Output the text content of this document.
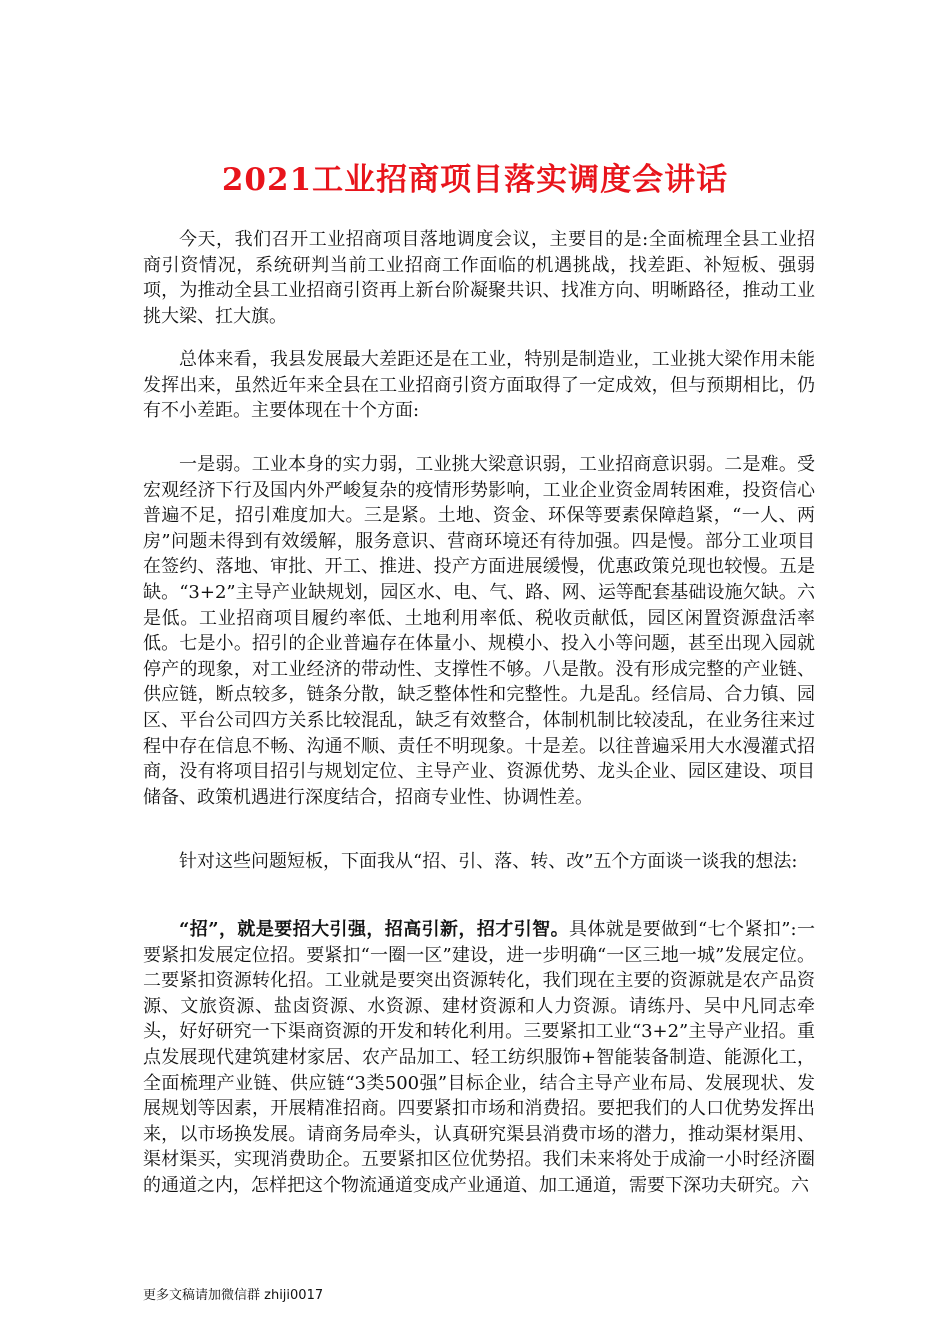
2021工业招商项目落实调度会讲话

今天，我们召开工业招商项目落地调度会议，主要目的是:全面梳理全县工业招商引资情况，系统研判当前工业招商工作面临的机遇挑战，找差距、补短板、强弱项，为推动全县工业招商引资再上新台阶凝聚共识、找准方向、明晰路径，推动工业挑大梁、扛大旗。

总体来看，我县发展最大差距还是在工业，特别是制造业，工业挑大梁作用未能发挥出来，虽然近年来全县在工业招商引资方面取得了一定成效，但与预期相比，仍有不小差距。主要体现在十个方面:

一是弱。工业本身的实力弱，工业挑大梁意识弱，工业招商意识弱。二是难。受宏观经济下行及国内外严峻复杂的疫情形势影响，工业企业资金周转困难，投资信心普遍不足，招引难度加大。三是紧。土地、资金、环保等要素保障趋紧，“一人、两房”问题未得到有效缓解，服务意识、营商环境还有待加强。四是慢。部分工业项目在签约、落地、审批、开工、推进、投产方面进展缓慢，优惠政策兑现也较慢。五是缺。“3+2”主导产业缺规划，园区水、电、气、路、网、运等配套基础设施欠缺。六是低。工业招商项目履约率低、土地利用率低、税收贡献低，园区闲置资源盘活率低。七是小。招引的企业普遍存在体量小、规模小、投入小等问题，甚至出现入园就停产的现象，对工业经济的带动性、支撑性不够。八是散。没有形成完整的产业链、供应链，断点较多，链条分散，缺乏整体性和完整性。九是乱。经信局、合力镇、园区、平台公司四方关系比较混乱，缺乏有效整合，体制机制比较凌乱，在业务往来过程中存在信息不畅、沟通不顺、责任不明现象。十是差。以往普遍采用大水漫灌式招商，没有将项目招引与规划定位、主导产业、资源优势、龙头企业、园区建设、项目储备、政策机遇进行深度结合，招商专业性、协调性差。

针对这些问题短板，下面我从“招、引、落、转、改”五个方面谈一谈我的想法:

“招”，就是要招大引强，招高引新，招才引智。具体就是要做到“七个紧扣”:一要紧扣发展定位招。要紧扣“一圈一区”建设，进一步明确“一区三地一城”发展定位。二要紧扣资源转化招。工业就是要突出资源转化，我们现在主要的资源就是农产品资源、文旅资源、盐卤资源、水资源、建材资源和人力资源。请练丹、吴中凡同志牵头，好好研究一下渠商资源的开发和转化利用。三要紧扣工业“3+2”主导产业招。重点发展现代建筑建材家居、农产品加工、轻工纺织服饰+智能装备制造、能源化工，全面梳理产业链、供应链“3类500强”目标企业，结合主导产业布局、发展现状、发展规划等因素，开展精准招商。四要紧扣市场和消费招。要把我们的人口优势发挥出来，以市场换发展。请商务局牵头，认真研究渠县消费市场的潜力，推动渠材渠用、渠材渠买，实现消费助企。五要紧扣区位优势招。我们未来将处于成渝一小时经济圈的通道之内，怎样把这个物流通道变成产业通道、加工通道，需要下深功夫研究。六

更多文稿请加微信群 zhiji0017
